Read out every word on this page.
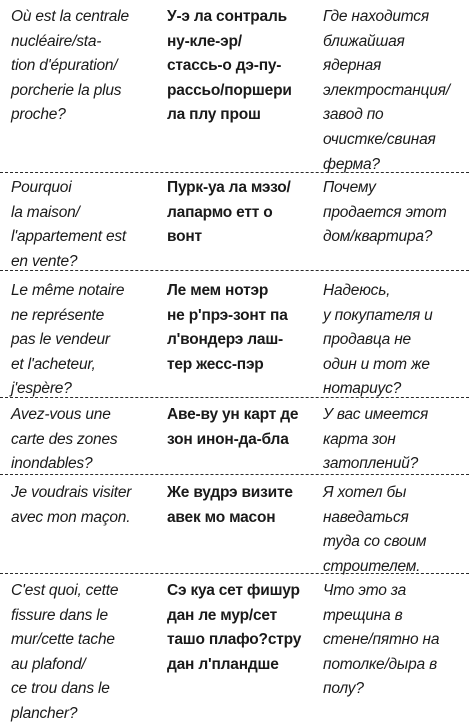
Où est la centrale
nucléaire/sta-
tion d'épuration/
porcherie la plus
proche?
У-э ла сонтраль
ну-кле-эр/
стассь-о дэ-пу-
рассьо/поршери
ла плу прош
Где находится
ближайшая
ядерная
электростанция/
завод по
очистке/свиная
ферма?
Pourquoi
la maison/
l'appartement est
en vente?
Пурк-уа ла мэзо/
лапармо етт о
вонт
Почему
продается этот
дом/квартира?
Le même notaire
ne représente
pas le vendeur
et l'acheteur,
j'espère?
Ле мем нотэр
не р'прэ-зонт па
л'вондерэ лаш-
тер жесс-пэр
Надеюсь,
у покупателя и
продавца не
один и тот же
нотариус?
Avez-vous une
carte des zones
inondables?
Аве-ву ун карт де
зон инон-да-бла
У вас имеется
карта зон
затоплений?
Je voudrais visiter
avec mon maçon.
Же вудрэ визите
авек мо масон
Я хотел бы
наведаться
туда со своим
строителем.
C'est quoi, cette
fissure dans le
mur/cette tache
au plafond/
ce trou dans le
plancher?
Сэ куа сет фишур
дан ле мур/сет
ташо плафо?стру
дан л'пландше
Что это за
трещина в
стене/пятно на
потолке/дыра в
полу?
